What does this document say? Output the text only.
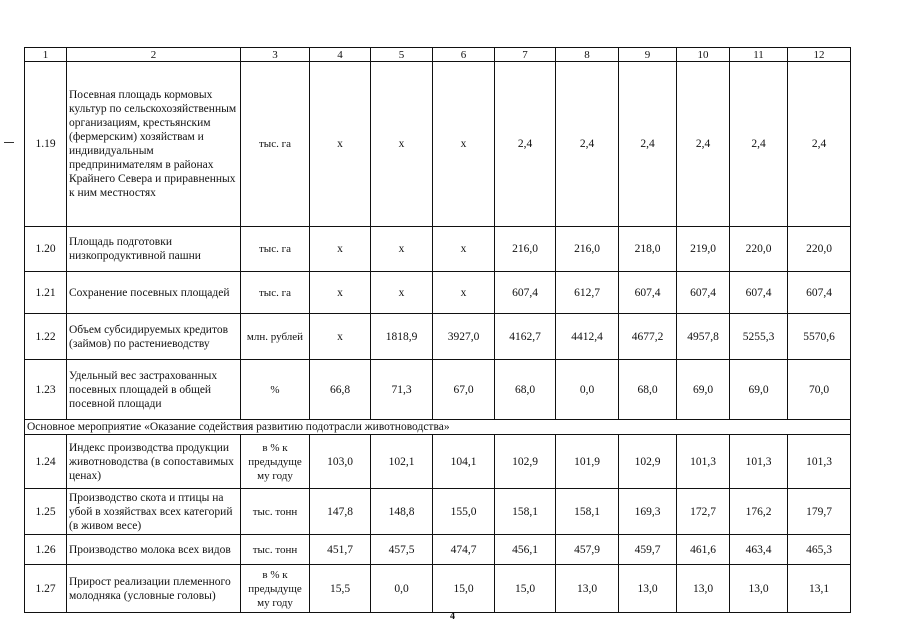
1	2	3	4	5	6	7	8	9	10	11	12
1.19	Посевная площадь кормовых культур по сельскохозяйственным организациям, крестьянским (фермерским) хозяйствам и индивидуальным предпринимателям в районах Крайнего Севера и приравненных к ним местностях	тыс. га	х	х	х	2,4	2,4	2,4	2,4	2,4	2,4
1.20	Площадь подготовки низкопродуктивной пашни	тыс. га	х	х	х	216,0	216,0	218,0	219,0	220,0	220,0
1.21	Сохранение посевных площадей	тыс. га	х	х	х	607,4	612,7	607,4	607,4	607,4	607,4
1.22	Объем субсидируемых кредитов (займов) по растениеводству	млн. рублей	х	1818,9	3927,0	4162,7	4412,4	4677,2	4957,8	5255,3	5570,6
1.23	Удельный вес застрахованных посевных площадей в общей посевной площади	%	66,8	71,3	67,0	68,0	0,0	68,0	69,0	69,0	70,0
Основное мероприятие «Оказание содействия развитию подотрасли животноводства»											
1.24	Индекс производства продукции животноводства (в сопоставимых ценах)	в % к предыдуще му году	103,0	102,1	104,1	102,9	101,9	102,9	101,3	101,3	101,3
1.25	Производство скота и птицы на убой в хозяйствах всех категорий (в живом весе)	тыс. тонн	147,8	148,8	155,0	158,1	158,1	169,3	172,7	176,2	179,7
1.26	Производство молока всех видов	тыс. тонн	451,7	457,5	474,7	456,1	457,9	459,7	461,6	463,4	465,3
1.27	Прирост реализации племенного молодняка (условные головы)	в % к предыдуще му году	15,5	0,0	15,0	15,0	13,0	13,0	13,0	13,0	13,1
4
